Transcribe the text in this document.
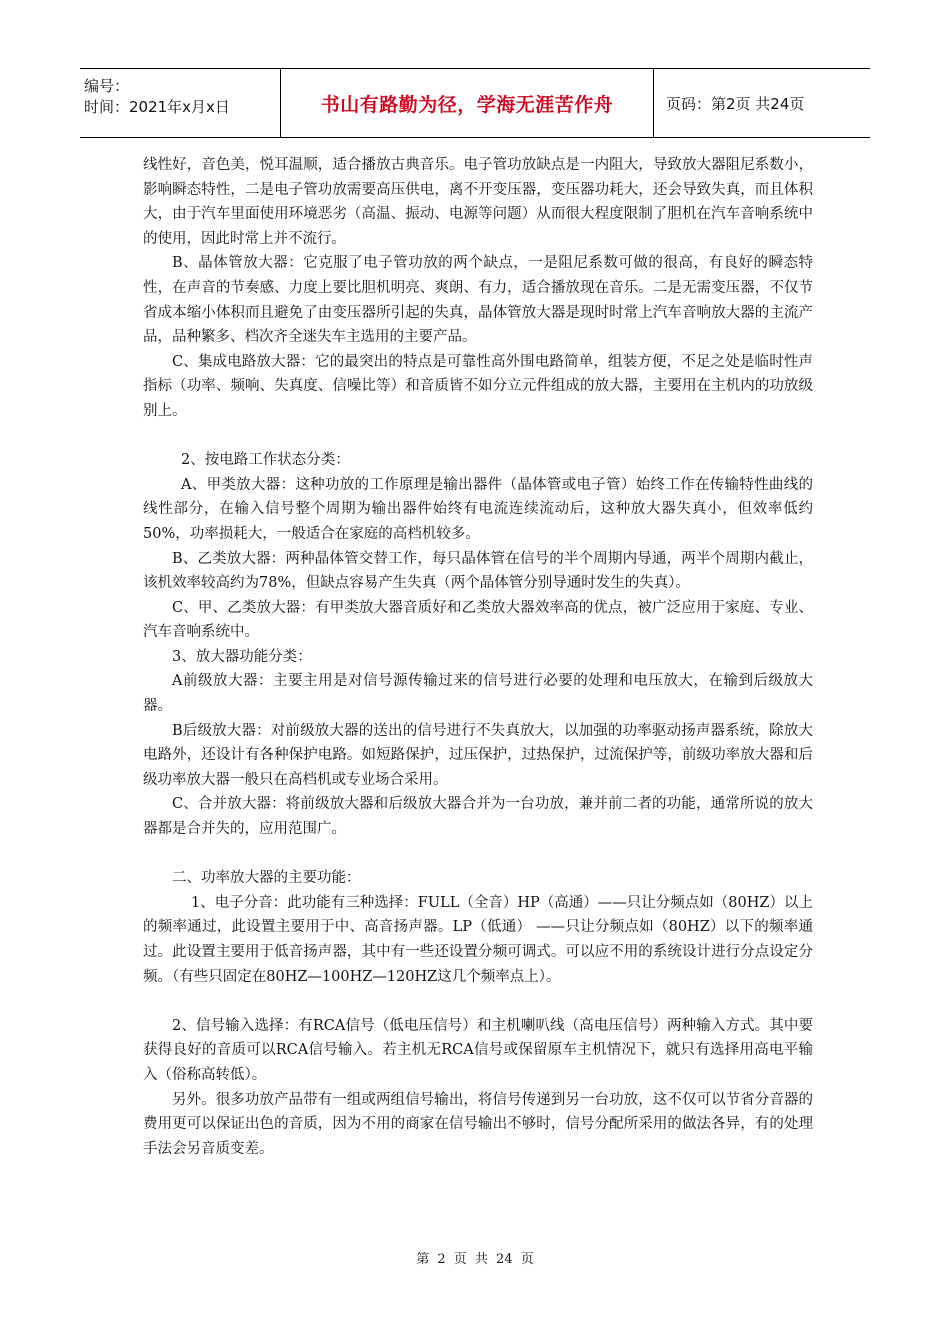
编号：
时间：2021年x月x日	书山有路勤为径，学海无涯苦作舟	页码：第2页 共24页

线性好，音色美，悦耳温顺，适合播放古典音乐。电子管功放缺点是一内阻大，导致放大器阻尼系数小，影响瞬态特性，二是电子管功放需要高压供电，离不开变压器，变压器功耗大，还会导致失真，而且体积大，由于汽车里面使用环境恶劣（高温、振动、电源等问题）从而很大程度限制了胆机在汽车音响系统中的使用，因此时常上并不流行。

B、晶体管放大器：它克服了电子管功放的两个缺点，一是阻尼系数可做的很高，有良好的瞬态特性，在声音的节奏感、力度上要比胆机明亮、爽朗、有力，适合播放现在音乐。二是无需变压器，不仅节省成本缩小体积而且避免了由变压器所引起的失真，晶体管放大器是现时时常上汽车音响放大器的主流产品，品种繁多、档次齐全迷失车主选用的主要产品。

C、集成电路放大器：它的最突出的特点是可靠性高外围电路简单，组装方便，不足之处是临时性声指标（功率、频响、失真度、信噪比等）和音质皆不如分立元件组成的放大器，主要用在主机内的功放级别上。

2、按电路工作状态分类：

A、甲类放大器：这种功放的工作原理是输出器件（晶体管或电子管）始终工作在传输特性曲线的线性部分，在输入信号整个周期为输出器件始终有电流连续流动后，这种放大器失真小，但效率低约50%，功率损耗大，一般适合在家庭的高档机较多。

B、乙类放大器：两种晶体管交替工作，每只晶体管在信号的半个周期内导通，两半个周期内截止，该机效率较高约为78%，但缺点容易产生失真（两个晶体管分别导通时发生的失真）。

C、甲、乙类放大器：有甲类放大器音质好和乙类放大器效率高的优点，被广泛应用于家庭、专业、汽车音响系统中。

3、放大器功能分类：

A前级放大器：主要主用是对信号源传输过来的信号进行必要的处理和电压放大，在输到后级放大器。

B后级放大器：对前级放大器的送出的信号进行不失真放大，以加强的功率驱动扬声器系统，除放大电路外，还设计有各种保护电路。如短路保护，过压保护，过热保护，过流保护等，前级功率放大器和后级功率放大器一般只在高档机或专业场合采用。

C、合并放大器：将前级放大器和后级放大器合并为一台功放，兼并前二者的功能，通常所说的放大器都是合并失的，应用范围广。

二、功率放大器的主要功能：

1、电子分音：此功能有三种选择：FULL（全音）HP（高通）——只让分频点如（80HZ）以上的频率通过，此设置主要用于中、高音扬声器。LP（低通） ——只让分频点如（80HZ）以下的频率通过。此设置主要用于低音扬声器，其中有一些还设置分频可调式。可以应不用的系统设计进行分点设定分频。（有些只固定在80HZ—100HZ—120HZ这几个频率点上）。

2、信号输入选择：有RCA信号（低电压信号）和主机喇叭线（高电压信号）两种输入方式。其中要获得良好的音质可以RCA信号输入。若主机无RCA信号或保留原车主机情况下，就只有选择用高电平输入（俗称高转低）。

另外。很多功放产品带有一组或两组信号输出，将信号传递到另一台功放，这不仅可以节省分音器的费用更可以保证出色的音质，因为不用的商家在信号输出不够时，信号分配所采用的做法各异，有的处理手法会另音质变差。

第 2 页 共 24 页
